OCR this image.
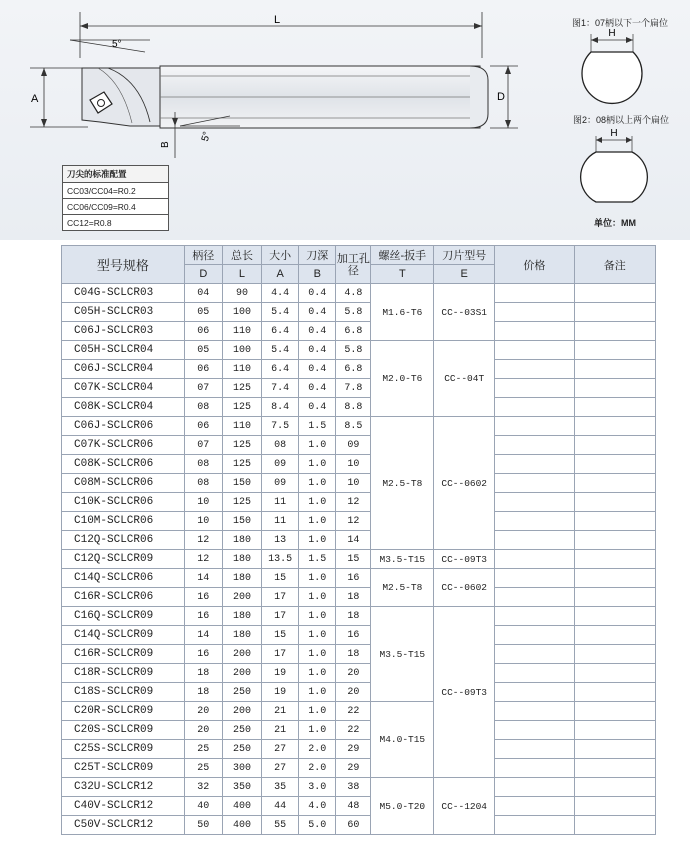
L
5°
A	D
B
5°
H
H
图1：07柄以下一个扁位
图2：08柄以上两个扁位
单位：MM
刀尖的标准配置
CC03/CC04=R0.2
CC06/CC09=R0.4
CC12=R0.8
型号规格	柄径	总长	大小	刀深	加工孔径	螺丝-扳手	刀片型号	价格	备注
	D	L	A	B		T	E		
C04G-SCLCR03	04	90	4.4	0.4	4.8	M1.6-T6	CC--03S1		
C05H-SCLCR03	05	100	5.4	0.4	5.8				
C06J-SCLCR03	06	110	6.4	0.4	6.8				
C05H-SCLCR04	05	100	5.4	0.4	5.8	M2.0-T6	CC--04T		
C06J-SCLCR04	06	110	6.4	0.4	6.8				
C07K-SCLCR04	07	125	7.4	0.4	7.8				
C08K-SCLCR04	08	125	8.4	0.4	8.8				
C06J-SCLCR06	06	110	7.5	1.5	8.5	M2.5-T8	CC--0602		
C07K-SCLCR06	07	125	08	1.0	09				
C08K-SCLCR06	08	125	09	1.0	10				
C08M-SCLCR06	08	150	09	1.0	10				
C10K-SCLCR06	10	125	11	1.0	12				
C10M-SCLCR06	10	150	11	1.0	12				
C12Q-SCLCR06	12	180	13	1.0	14				
C12Q-SCLCR09	12	180	13.5	1.5	15	M3.5-T15	CC--09T3		
C14Q-SCLCR06	14	180	15	1.0	16	M2.5-T8	CC--0602		
C16R-SCLCR06	16	200	17	1.0	18				
C16Q-SCLCR09	16	180	17	1.0	18	M3.5-T15	CC--09T3		
C14Q-SCLCR09	14	180	15	1.0	16				
C16R-SCLCR09	16	200	17	1.0	18				
C18R-SCLCR09	18	200	19	1.0	20				
C18S-SCLCR09	18	250	19	1.0	20				
C20R-SCLCR09	20	200	21	1.0	22	M4.0-T15			
C20S-SCLCR09	20	250	21	1.0	22				
C25S-SCLCR09	25	250	27	2.0	29				
C25T-SCLCR09	25	300	27	2.0	29				
C32U-SCLCR12	32	350	35	3.0	38	M5.0-T20	CC--1204		
C40V-SCLCR12	40	400	44	4.0	48				
C50V-SCLCR12	50	400	55	5.0	60				
